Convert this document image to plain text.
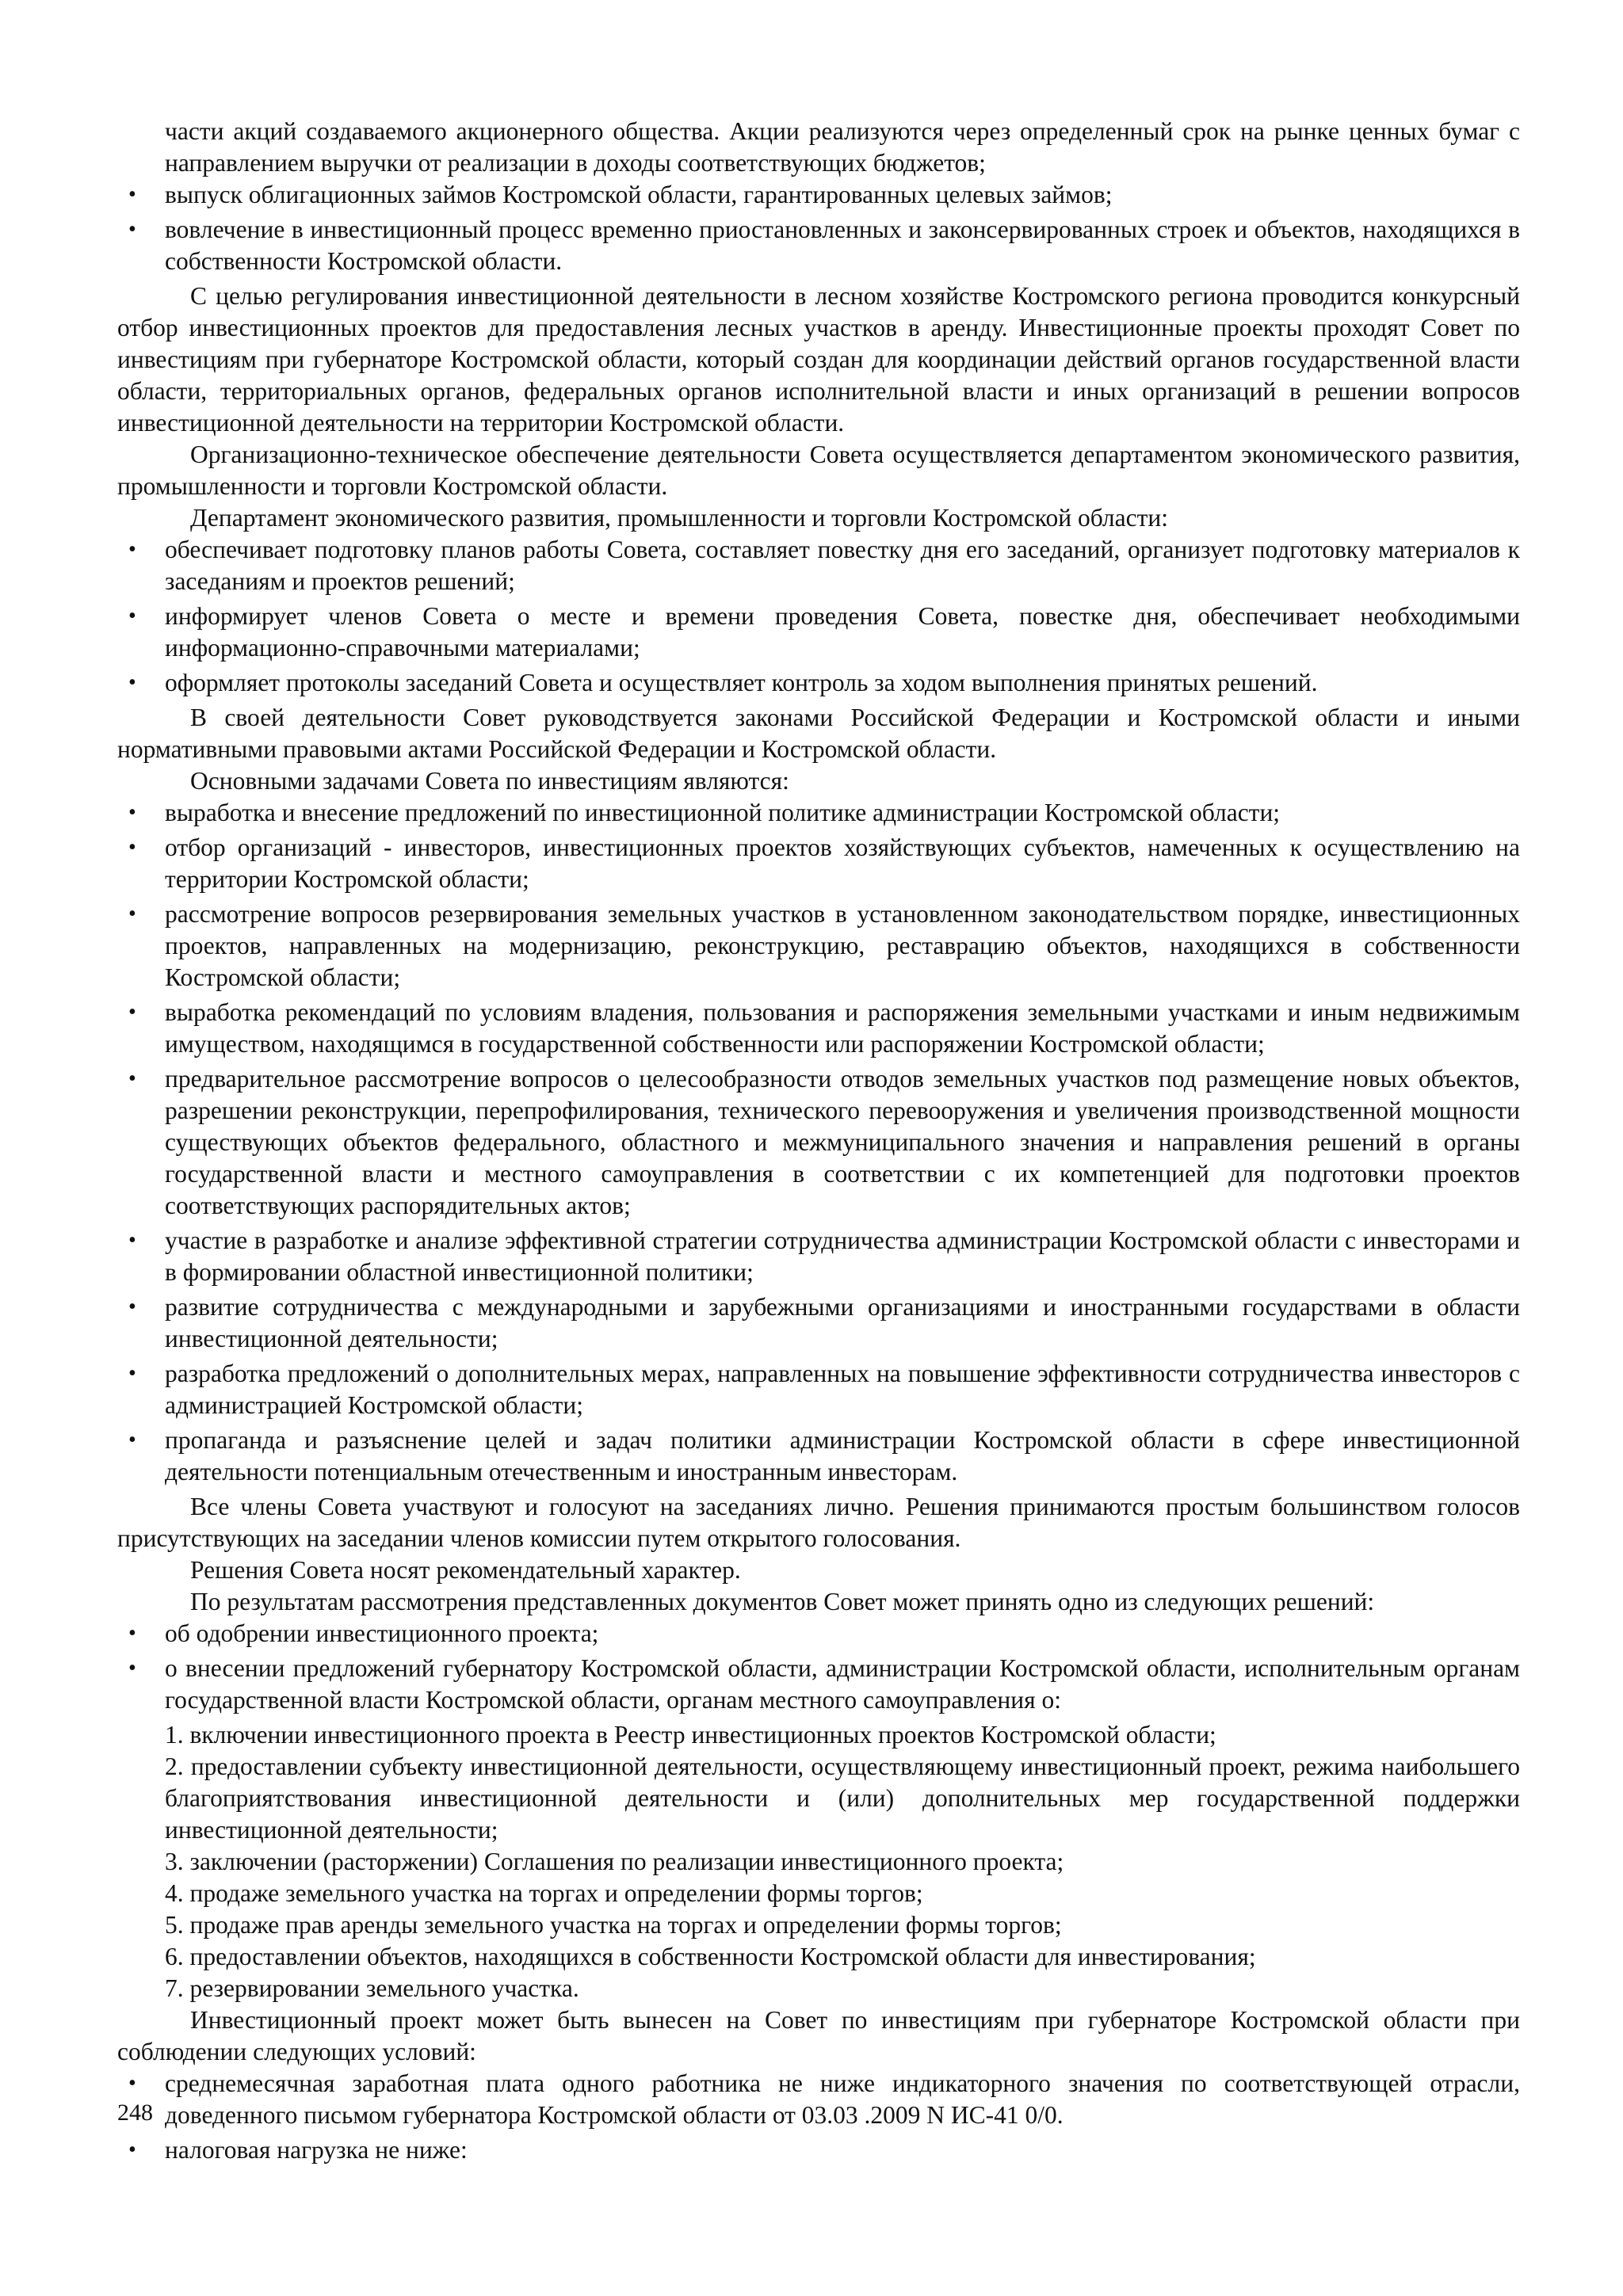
части акций создаваемого акционерного общества. Акции реализуются через определенный срок на рынке ценных бумаг с направлением выручки от реализации в доходы соответствующих бюджетов;

• выпуск облигационных займов Костромской области, гарантированных целевых займов;
• вовлечение в инвестиционный процесс временно приостановленных и законсервированных строек и объектов, находящихся в собственности Костромской области.

С целью регулирования инвестиционной деятельности в лесном хозяйстве Костромского региона проводится конкурсный отбор инвестиционных проектов для предоставления лесных участков в аренду. Инвестиционные проекты проходят Совет по инвестициям при губернаторе Костромской области, который создан для координации действий органов государственной власти области, территориальных органов, федеральных органов исполнительной власти и иных организаций в решении вопросов инвестиционной деятельности на территории Костромской области.

Организационно-техническое обеспечение деятельности Совета осуществляется департаментом экономического развития, промышленности и торговли Костромской области.

Департамент экономического развития, промышленности и торговли Костромской области:

• обеспечивает подготовку планов работы Совета, составляет повестку дня его заседаний, организует подготовку материалов к заседаниям и проектов решений;
• информирует членов Совета о месте и времени проведения Совета, повестке дня, обеспечивает необходимыми информационно-справочными материалами;
• оформляет протоколы заседаний Совета и осуществляет контроль за ходом выполнения принятых решений.

В своей деятельности Совет руководствуется законами Российской Федерации и Костромской области и иными нормативными правовыми актами Российской Федерации и Костромской области.

Основными задачами Совета по инвестициям являются:

• выработка и внесение предложений по инвестиционной политике администрации Костромской области;
• отбор организаций - инвесторов, инвестиционных проектов хозяйствующих субъектов, намеченных к осуществлению на территории Костромской области;
• рассмотрение вопросов резервирования земельных участков в установленном законодательством порядке, инвестиционных проектов, направленных на модернизацию, реконструкцию, реставрацию объектов, находящихся в собственности Костромской области;
• выработка рекомендаций по условиям владения, пользования и распоряжения земельными участками и иным недвижимым имуществом, находящимся в государственной собственности или распоряжении Костромской области;
• предварительное рассмотрение вопросов о целесообразности отводов земельных участков под размещение новых объектов, разрешении реконструкции, перепрофилирования, технического перевооружения и увеличения производственной мощности существующих объектов федерального, областного и межмуниципального значения и направления решений в органы государственной власти и местного самоуправления в соответствии с их компетенцией для подготовки проектов соответствующих распорядительных актов;
• участие в разработке и анализе эффективной стратегии сотрудничества администрации Костромской области с инвесторами и в формировании областной инвестиционной политики;
• развитие сотрудничества с международными и зарубежными организациями и иностранными государствами в области инвестиционной деятельности;
• разработка предложений о дополнительных мерах, направленных на повышение эффективности сотрудничества инвесторов с администрацией Костромской области;
• пропаганда и разъяснение целей и задач политики администрации Костромской области в сфере инвестиционной деятельности потенциальным отечественным и иностранным инвесторам.

Все члены Совета участвуют и голосуют на заседаниях лично. Решения принимаются простым большинством голосов присутствующих на заседании членов комиссии путем открытого голосования.

Решения Совета носят рекомендательный характер.

По результатам рассмотрения представленных документов Совет может принять одно из следующих решений:

• об одобрении инвестиционного проекта;
• о внесении предложений губернатору Костромской области, администрации Костромской области, исполнительным органам государственной власти Костромской области, органам местного самоуправления о:

1. включении инвестиционного проекта в Реестр инвестиционных проектов Костромской области;

2. предоставлении субъекту инвестиционной деятельности, осуществляющему инвестиционный проект, режима наибольшего благоприятствования инвестиционной деятельности и (или) дополнительных мер государственной поддержки инвестиционной деятельности;

3. заключении (расторжении) Соглашения по реализации инвестиционного проекта;

4. продаже земельного участка на торгах и определении формы торгов;

5. продаже прав аренды земельного участка на торгах и определении формы торгов;

6. предоставлении объектов, находящихся в собственности Костромской области для инвестирования;

7. резервировании земельного участка.

Инвестиционный проект может быть вынесен на Совет по инвестициям при губернаторе Костромской области при соблюдении следующих условий:

• среднемесячная заработная плата одного работника не ниже индикаторного значения по соответствующей отрасли, доведенного письмом губернатора Костромской области от 03.03 .2009 N ИС-41 0/0.
• налоговая нагрузка не ниже:
248
